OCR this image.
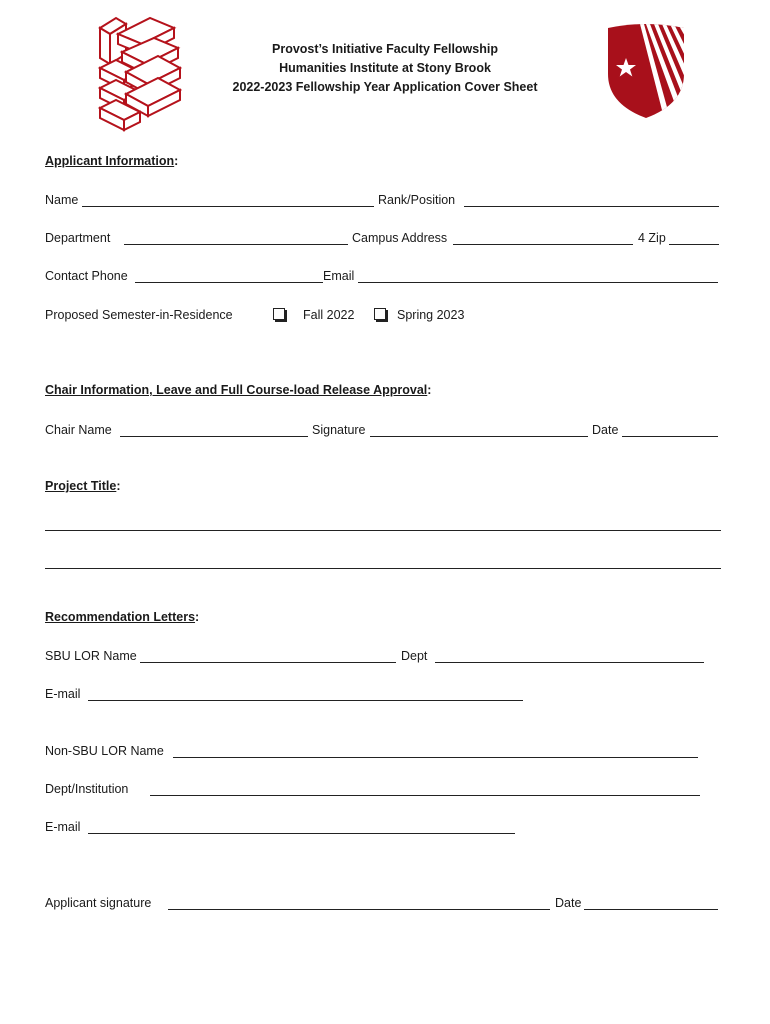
Provost’s Initiative Faculty Fellowship
Humanities Institute at Stony Brook
2022-2023 Fellowship Year Application Cover Sheet
Applicant Information:
Name	Rank/Position
Department	Campus Address	4 Zip
Contact Phone	Email
Proposed Semester-in-Residence	Fall 2022	Spring 2023
Chair Information, Leave and Full Course-load Release Approval:
Chair Name	Signature	Date
Project Title:
Recommendation Letters:
SBU LOR Name	Dept
E-mail
Non-SBU LOR Name
Dept/Institution
E-mail
Applicant signature	Date
